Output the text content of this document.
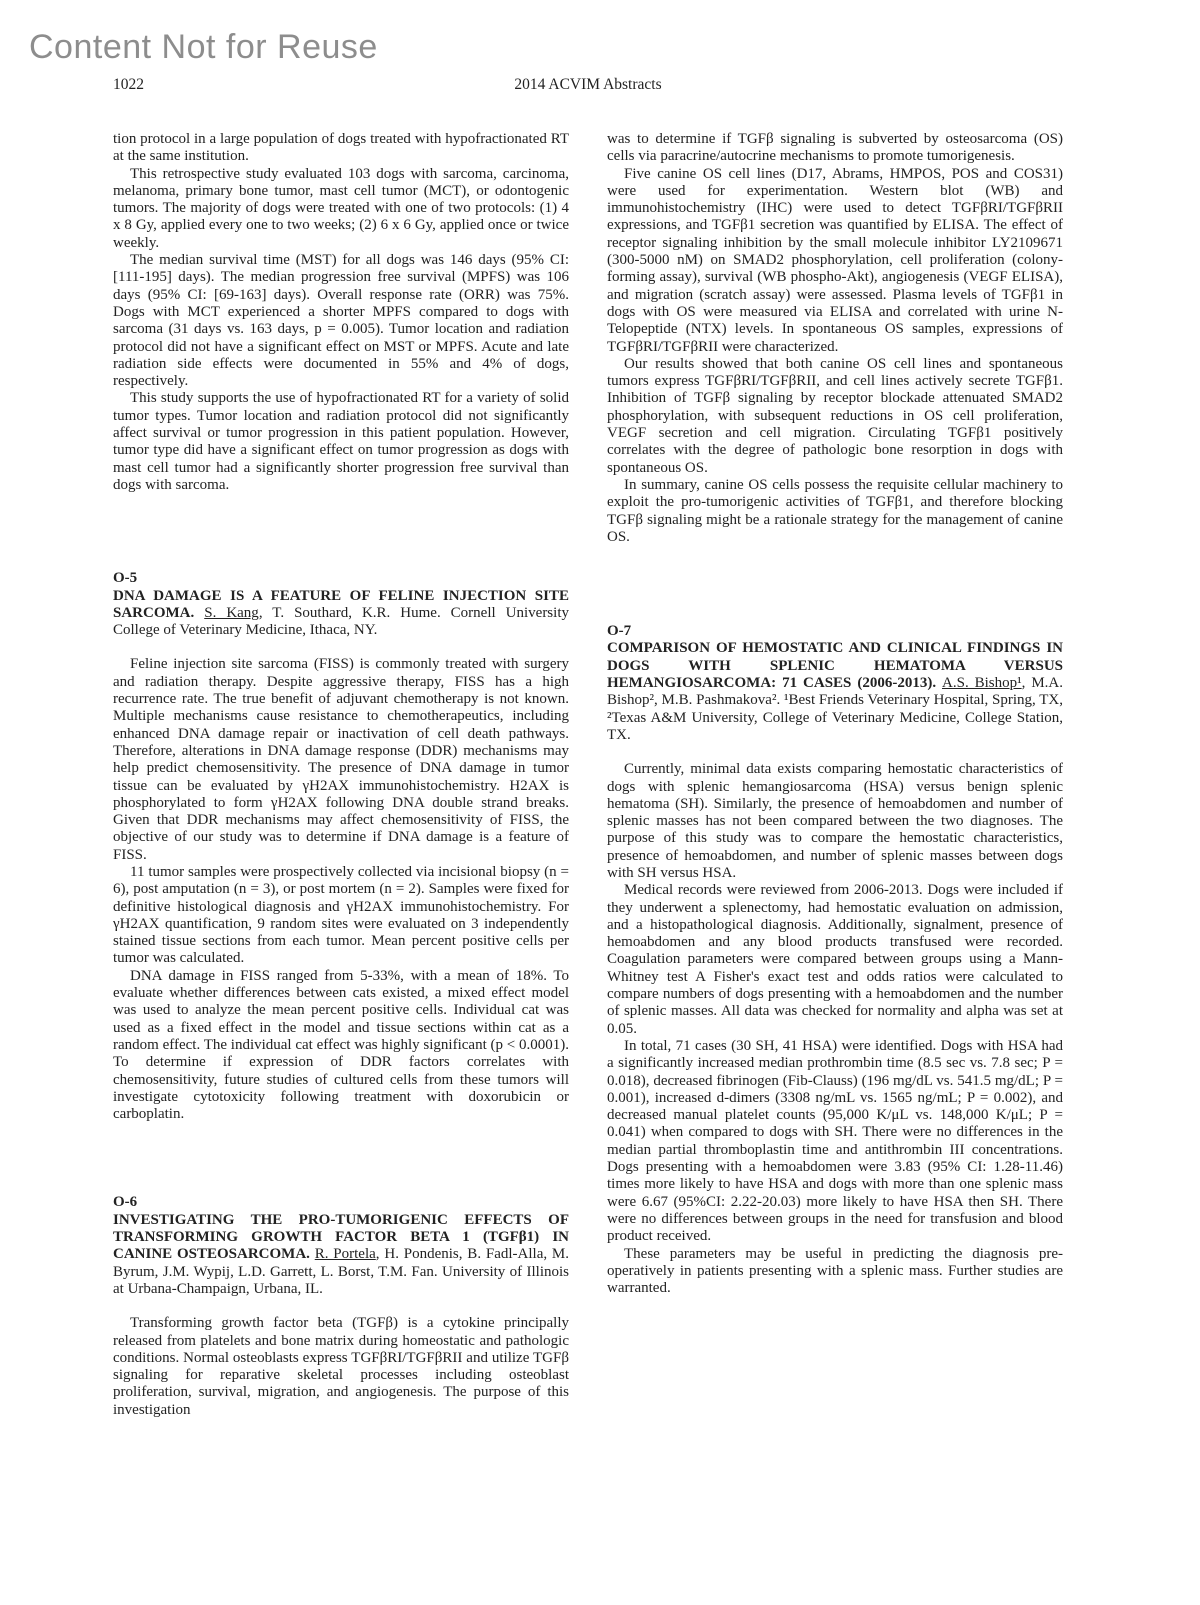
Content Not for Reuse
1022	2014 ACVIM Abstracts

tion protocol in a large population of dogs treated with hypofractionated RT at the same institution.

This retrospective study evaluated 103 dogs with sarcoma, carcinoma, melanoma, primary bone tumor, mast cell tumor (MCT), or odontogenic tumors. The majority of dogs were treated with one of two protocols: (1) 4 x 8 Gy, applied every one to two weeks; (2) 6 x 6 Gy, applied once or twice weekly.

The median survival time (MST) for all dogs was 146 days (95% CI: [111-195] days). The median progression free survival (MPFS) was 106 days (95% CI: [69-163] days). Overall response rate (ORR) was 75%. Dogs with MCT experienced a shorter MPFS compared to dogs with sarcoma (31 days vs. 163 days, p = 0.005). Tumor location and radiation protocol did not have a significant effect on MST or MPFS. Acute and late radiation side effects were documented in 55% and 4% of dogs, respectively.

This study supports the use of hypofractionated RT for a variety of solid tumor types. Tumor location and radiation protocol did not significantly affect survival or tumor progression in this patient population. However, tumor type did have a significant effect on tumor progression as dogs with mast cell tumor had a significantly shorter progression free survival than dogs with sarcoma.

O-5

DNA DAMAGE IS A FEATURE OF FELINE INJECTION SITE SARCOMA. S. Kang, T. Southard, K.R. Hume. Cornell University College of Veterinary Medicine, Ithaca, NY.

Feline injection site sarcoma (FISS) is commonly treated with surgery and radiation therapy. Despite aggressive therapy, FISS has a high recurrence rate. The true benefit of adjuvant chemotherapy is not known. Multiple mechanisms cause resistance to chemotherapeutics, including enhanced DNA damage repair or inactivation of cell death pathways. Therefore, alterations in DNA damage response (DDR) mechanisms may help predict chemosensitivity. The presence of DNA damage in tumor tissue can be evaluated by γH2AX immunohistochemistry. H2AX is phosphorylated to form γH2AX following DNA double strand breaks. Given that DDR mechanisms may affect chemosensitivity of FISS, the objective of our study was to determine if DNA damage is a feature of FISS.

11 tumor samples were prospectively collected via incisional biopsy (n = 6), post amputation (n = 3), or post mortem (n = 2). Samples were fixed for definitive histological diagnosis and γH2AX immunohistochemistry. For γH2AX quantification, 9 random sites were evaluated on 3 independently stained tissue sections from each tumor. Mean percent positive cells per tumor was calculated.

DNA damage in FISS ranged from 5-33%, with a mean of 18%. To evaluate whether differences between cats existed, a mixed effect model was used to analyze the mean percent positive cells. Individual cat was used as a fixed effect in the model and tissue sections within cat as a random effect. The individual cat effect was highly significant (p < 0.0001). To determine if expression of DDR factors correlates with chemosensitivity, future studies of cultured cells from these tumors will investigate cytotoxicity following treatment with doxorubicin or carboplatin.

O-6

INVESTIGATING THE PRO-TUMORIGENIC EFFECTS OF TRANSFORMING GROWTH FACTOR BETA 1 (TGFβ1) IN CANINE OSTEOSARCOMA. R. Portela, H. Pondenis, B. Fadl-Alla, M. Byrum, J.M. Wypij, L.D. Garrett, L. Borst, T.M. Fan. University of Illinois at Urbana-Champaign, Urbana, IL.

Transforming growth factor beta (TGFβ) is a cytokine principally released from platelets and bone matrix during homeostatic and pathologic conditions. Normal osteoblasts express TGFβRI/TGFβRII and utilize TGFβ signaling for reparative skeletal processes including osteoblast proliferation, survival, migration, and angiogenesis. The purpose of this investigation

was to determine if TGFβ signaling is subverted by osteosarcoma (OS) cells via paracrine/autocrine mechanisms to promote tumorigenesis.

Five canine OS cell lines (D17, Abrams, HMPOS, POS and COS31) were used for experimentation. Western blot (WB) and immunohistochemistry (IHC) were used to detect TGFβRI/TGFβRII expressions, and TGFβ1 secretion was quantified by ELISA. The effect of receptor signaling inhibition by the small molecule inhibitor LY2109671 (300-5000 nM) on SMAD2 phosphorylation, cell proliferation (colony-forming assay), survival (WB phospho-Akt), angiogenesis (VEGF ELISA), and migration (scratch assay) were assessed. Plasma levels of TGFβ1 in dogs with OS were measured via ELISA and correlated with urine N-Telopeptide (NTX) levels. In spontaneous OS samples, expressions of TGFβRI/TGFβRII were characterized.

Our results showed that both canine OS cell lines and spontaneous tumors express TGFβRI/TGFβRII, and cell lines actively secrete TGFβ1. Inhibition of TGFβ signaling by receptor blockade attenuated SMAD2 phosphorylation, with subsequent reductions in OS cell proliferation, VEGF secretion and cell migration. Circulating TGFβ1 positively correlates with the degree of pathologic bone resorption in dogs with spontaneous OS.

In summary, canine OS cells possess the requisite cellular machinery to exploit the pro-tumorigenic activities of TGFβ1, and therefore blocking TGFβ signaling might be a rationale strategy for the management of canine OS.

O-7

COMPARISON OF HEMOSTATIC AND CLINICAL FINDINGS IN DOGS WITH SPLENIC HEMATOMA VERSUS HEMANGIOSARCOMA: 71 CASES (2006-2013). A.S. Bishop¹, M.A. Bishop², M.B. Pashmakova². ¹Best Friends Veterinary Hospital, Spring, TX, ²Texas A&M University, College of Veterinary Medicine, College Station, TX.

Currently, minimal data exists comparing hemostatic characteristics of dogs with splenic hemangiosarcoma (HSA) versus benign splenic hematoma (SH). Similarly, the presence of hemoabdomen and number of splenic masses has not been compared between the two diagnoses. The purpose of this study was to compare the hemostatic characteristics, presence of hemoabdomen, and number of splenic masses between dogs with SH versus HSA.

Medical records were reviewed from 2006-2013. Dogs were included if they underwent a splenectomy, had hemostatic evaluation on admission, and a histopathological diagnosis. Additionally, signalment, presence of hemoabdomen and any blood products transfused were recorded. Coagulation parameters were compared between groups using a Mann-Whitney test A Fisher's exact test and odds ratios were calculated to compare numbers of dogs presenting with a hemoabdomen and the number of splenic masses. All data was checked for normality and alpha was set at 0.05.

In total, 71 cases (30 SH, 41 HSA) were identified. Dogs with HSA had a significantly increased median prothrombin time (8.5 sec vs. 7.8 sec; P = 0.018), decreased fibrinogen (Fib-Clauss) (196 mg/dL vs. 541.5 mg/dL; P = 0.001), increased d-dimers (3308 ng/mL vs. 1565 ng/mL; P = 0.002), and decreased manual platelet counts (95,000 K/μL vs. 148,000 K/μL; P = 0.041) when compared to dogs with SH. There were no differences in the median partial thromboplastin time and antithrombin III concentrations. Dogs presenting with a hemoabdomen were 3.83 (95% CI: 1.28-11.46) times more likely to have HSA and dogs with more than one splenic mass were 6.67 (95%CI: 2.22-20.03) more likely to have HSA then SH. There were no differences between groups in the need for transfusion and blood product received.

These parameters may be useful in predicting the diagnosis pre-operatively in patients presenting with a splenic mass. Further studies are warranted.
